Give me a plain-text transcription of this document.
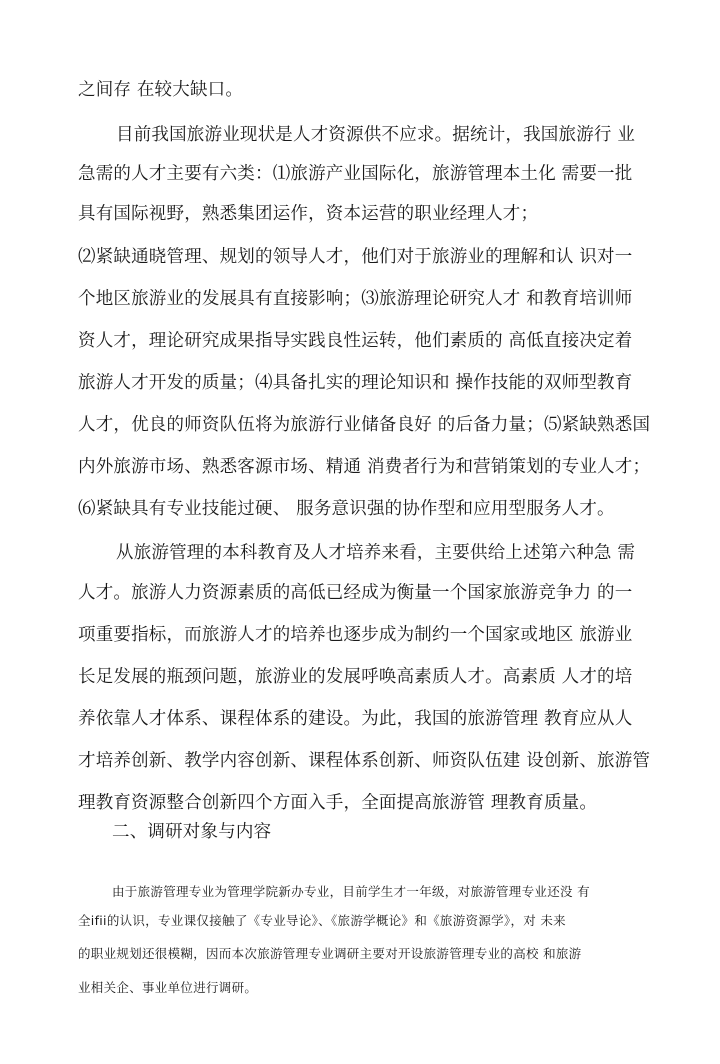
之间存 在较大缺口。
目前我国旅游业现状是人才资源供不应求。据统计，我国旅游行 业
急需的人才主要有六类：⑴旅游产业国际化，旅游管理本土化 需要一批
具有国际视野，熟悉集团运作，资本运营的职业经理人才；
⑵紧缺通晓管理、规划的领导人才，他们对于旅游业的理解和认 识对一
个地区旅游业的发展具有直接影响；⑶旅游理论研究人才 和教育培训师
资人才，理论研究成果指导实践良性运转，他们素质的 高低直接决定着
旅游人才开发的质量；⑷具备扎实的理论知识和 操作技能的双师型教育
人才，优良的师资队伍将为旅游行业储备良好 的后备力量；⑸紧缺熟悉国
内外旅游市场、熟悉客源市场、精通 消费者行为和营销策划的专业人才；
⑹紧缺具有专业技能过硬、 服务意识强的协作型和应用型服务人才。
从旅游管理的本科教育及人才培养来看，主要供给上述第六种急 需
人才。旅游人力资源素质的高低已经成为衡量一个国家旅游竞争力 的一
项重要指标，而旅游人才的培养也逐步成为制约一个国家或地区 旅游业
长足发展的瓶颈问题，旅游业的发展呼唤高素质人才。高素质 人才的培
养依靠人才体系、课程体系的建设。为此，我国的旅游管理 教育应从人
才培养创新、教学内容创新、课程体系创新、师资队伍建 设创新、旅游管
理教育资源整合创新四个方面入手，全面提高旅游管 理教育质量。
二、调研对象与内容
由于旅游管理专业为管理学院新办专业，目前学生才一年级，对旅游管理专业还没 有
全ifii的认识，专业课仅接触了《专业导论》、《旅游学概论》和《旅游资源学》，对 未来
的职业规划还很模糊，因而本次旅游管理专业调研主要对开设旅游管理专业的高校 和旅游
业相关企、事业单位进行调研。
